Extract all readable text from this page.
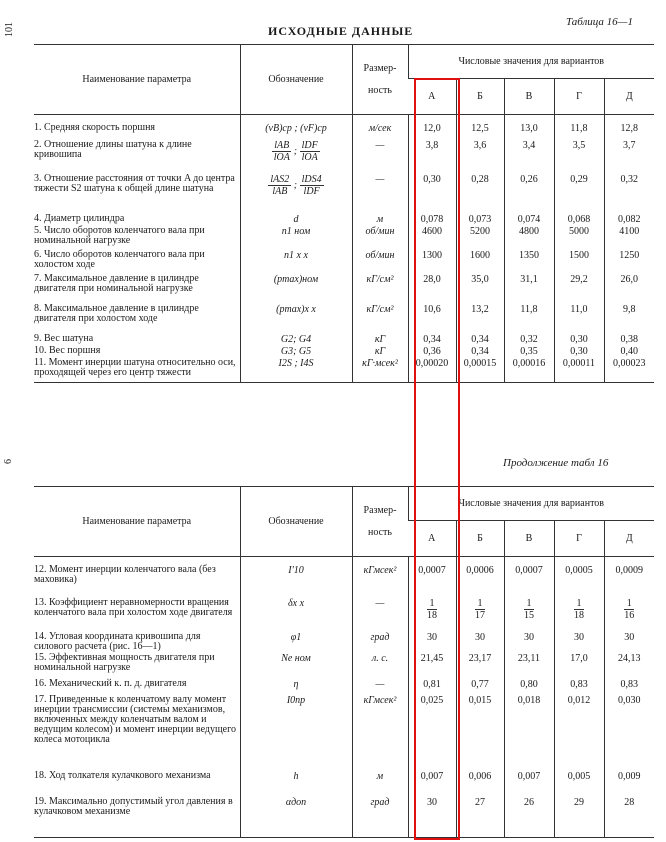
101
6
ИСХОДНЫЕ ДАННЫЕ
Таблица 16—1
Продолжение табл 16
Наименование параметра	Обозначение	Размер-
ность	Числовые значения для вариантов				
			А	Б	В	Г	Д
1. Средняя скорость поршня	(vB)ср ; (vF)ср	м/сек	12,0	12,5	13,0	11,8	12,8
2. Отношение длины шатуна к длине кривошипа	$\frac{\text{lAB}}{\text{lOA}}$ ; $\frac{\text{lDF}}{\text{lOA}}$	—	3,8	3,6	3,4	3,5	3,7
3. Отношение расстояния от точки A до центра тяжести S2 шатуна к общей длине шатуна	$\frac{\text{lAS2}}{\text{lAB}}$ ; $\frac{\text{lDS4}}{\text{lDF}}$	—	0,30	0,28	0,26	0,29	0,32
4. Диаметр цилиндра	d	м	0,078	0,073	0,074	0,068	0,082
5. Число оборотов коленчатого вала при номинальной нагрузке	n1 ном	об/мин	4600	5200	4800	5000	4100
6. Число оборотов коленчатого вала при холостом ходе	n1 х х	об/мин	1300	1600	1350	1500	1250
7. Максимальное давление в цилиндре двигателя при номинальной нагрузке	(pmax)ном	кГ/см²	28,0	35,0	31,1	29,2	26,0
8. Максимальное давление в цилиндре двигателя при холостом ходе	(pmax)х х	кГ/см²	10,6	13,2	11,8	11,0	9,8
9. Вес шатуна	G2; G4	кГ	0,34	0,34	0,32	0,30	0,38
10. Вес поршня	G3; G5	кГ	0,36	0,34	0,35	0,30	0,40
11. Момент инерции шатуна относительно оси, проходящей через его центр тяжести	I2S ; I4S	кГ·мсек²	0,00020	0,00015	0,00016	0,00011	0,00023
Наименование параметра	Обозначение	Размер-
ность	Числовые значения для вариантов				
			А	Б	В	Г	Д
12. Момент инерции коленчатого вала (без маховика)	I'10	кГмсек²	0,0007	0,0006	0,0007	0,0005	0,0009
13. Коэффициент неравномерности вращения коленчатого вала при холостом ходе двигателя	δх х	—	$\frac{1}{18}$	$\frac{1}{17}$	$\frac{1}{15}$	$\frac{1}{18}$	$\frac{1}{16}$

14. Угловая координата кривошипа для силового расчета (рис. 16—1)	φ1	град	30	30	30	30	30
15. Эффективная мощность двигателя при номинальной нагрузке	Ne ном	л. с.	21,45	23,17	23,11	17,0	24,13
16. Механический к. п. д. двигателя	η	—	0,81	0,77	0,80	0,83	0,83
17. Приведенные к коленчатому валу момент инерции трансмиссии (системы механизмов, включенных между коленчатым валом и ведущим колесом) и момент инерции ведущего колеса мотоцикла	I0пр	кГмсек²	0,025	0,015	0,018	0,012	0,030
18. Ход толкателя кулачкового механизма	h	м	0,007	0,006	0,007	0,005	0,009
19. Максимально допустимый угол давления в кулачковом механизме	αдоп	град	30	27	26	29	28
